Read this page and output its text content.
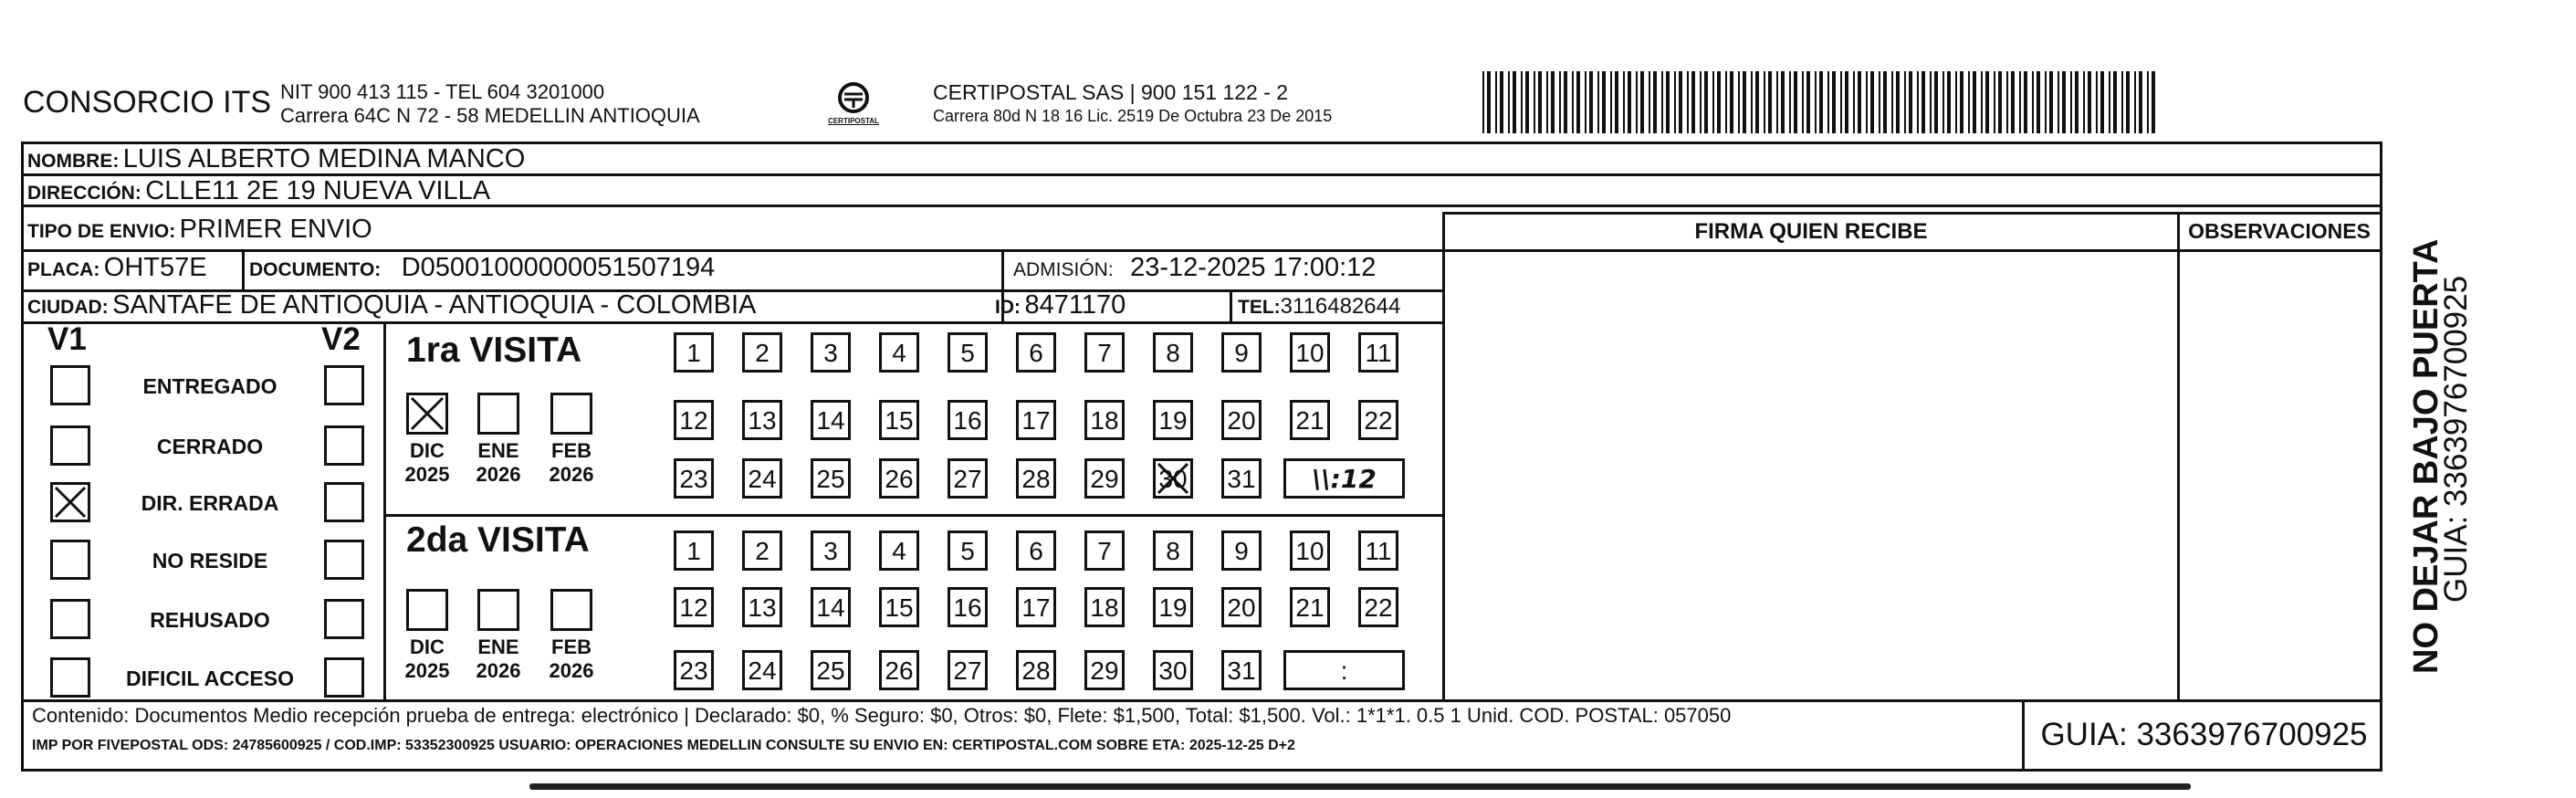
CONSORCIO ITS NIT 900 413 115 - TEL 604 3201000
Carrera 64C N 72 - 58 MEDELLIN ANTIOQUIA	CERTIPOSTAL
CERTIPOSTAL SAS | 900 151 122 - 2
Carrera 80d N 18 16 Lic. 2519 De Octubra 23 De 2015
NOMBRE: LUIS ALBERTO MEDINA MANCO
DIRECCIÓN: CLLE11 2E 19 NUEVA VILLA
TIPO DE ENVIO: PRIMER ENVIO
PLACA: OHT57E DOCUMENTO: D05001000000051507194	ADMISIÓN: 23-12-2025 17:00:12
CIUDAD: SANTAFE DE ANTIOQUIA - ANTIOQUIA - COLOMBIA	ID: 8471170	TEL:3116482644
FIRMA QUIEN RECIBE	OBSERVACIONES
V1	V2
ENTREGADO
CERRADO
DIR. ERRADA
NO RESIDE
REHUSADO
DIFICIL ACCESO
1ra VISITA
2da VISITA
DIC
2025
ENE
2026
FEB
2026
DIC
2025
ENE
2026
FEB
2026
1	2	3	4	5	6	7	8	9	10 11
12 13 14 15 16 17 18 19 20 21 22
23 24 25 26 27 28 29 30 31	\\:12
1	2	3	4	5	6	7	8	9	10 11
12 13 14 15 16 17 18 19 20 21 22
23 24 25 26 27 28 29 30 31	:
Contenido: Documentos Medio recepción prueba de entrega: electrónico | Declarado: $0, % Seguro: $0, Otros: $0, Flete: $1,500, Total: $1,500. Vol.: 1*1*1. 0.5 1 Unid. COD. POSTAL: 057050
IMP POR FIVEPOSTAL ODS: 24785600925 / COD.IMP: 53352300925 USUARIO: OPERACIONES MEDELLIN CONSULTE SU ENVIO EN: CERTIPOSTAL.COM SOBRE ETA: 2025-12-25 D+2	GUIA: 3363976700925
NO DEJAR BAJO PUERTA
GUIA: 3363976700925
